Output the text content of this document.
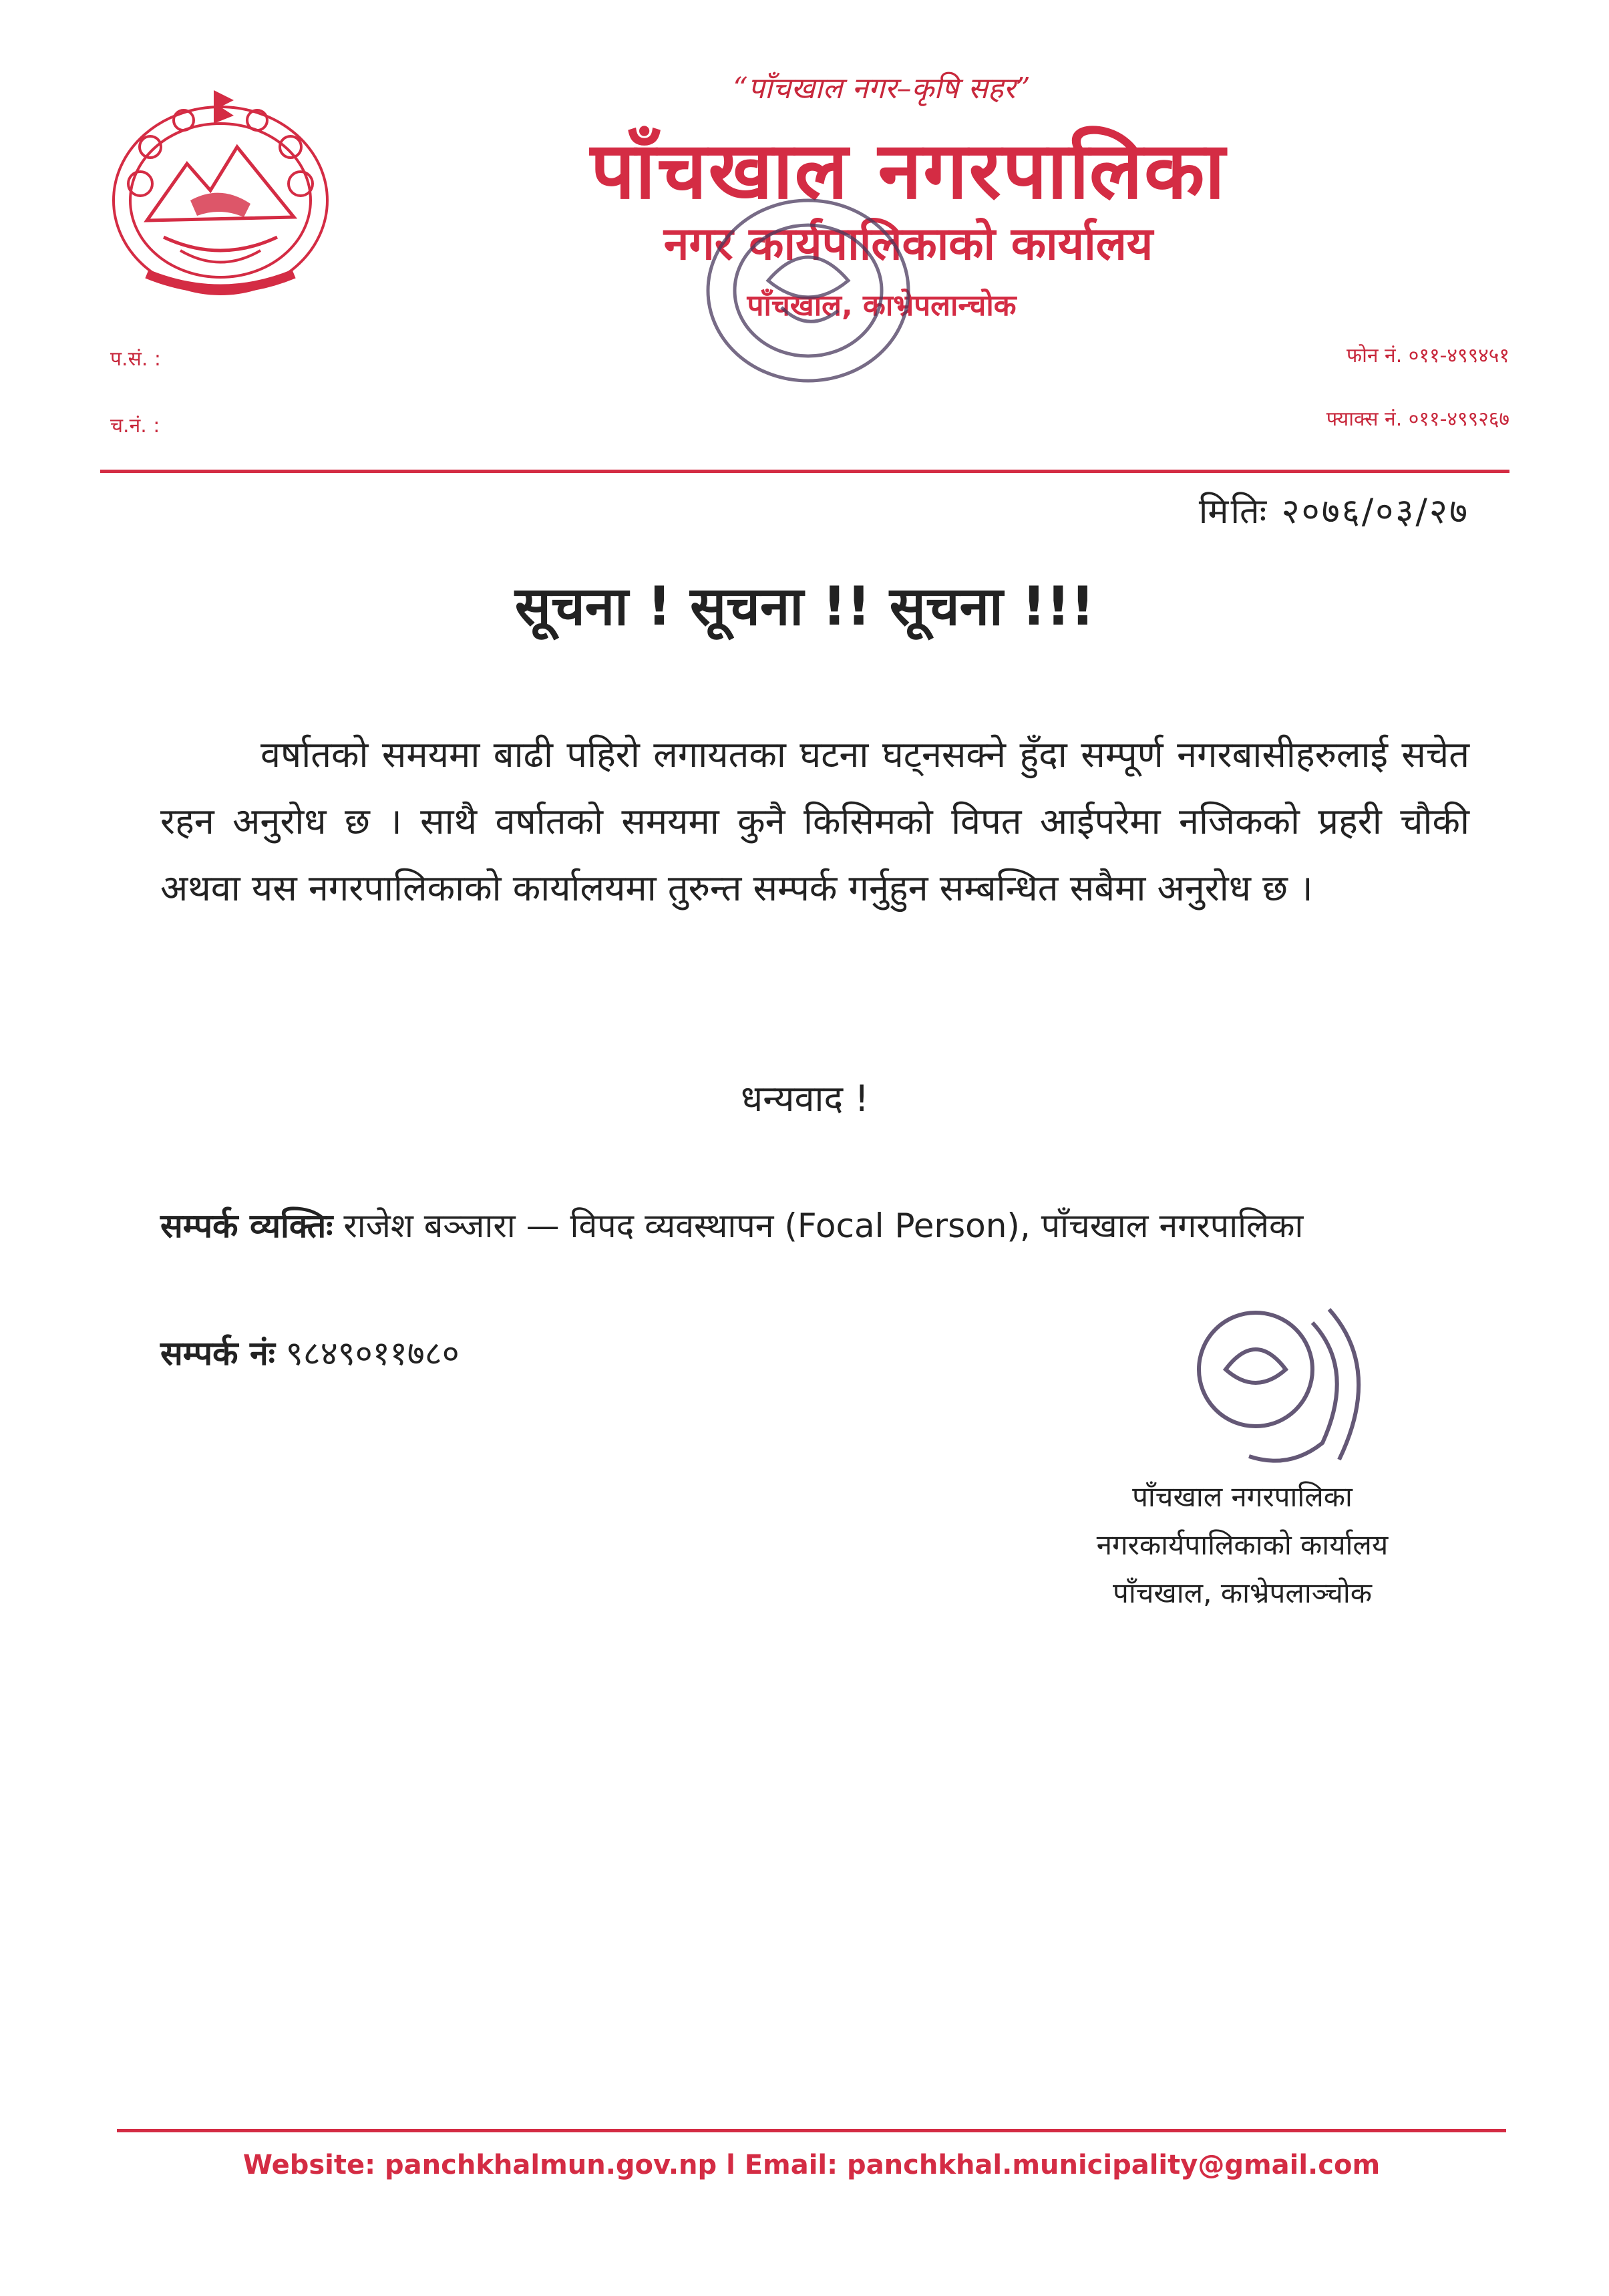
“पाँचखाल नगर–कृषि सहर”
पाँचखाल नगरपालिका
नगर कार्यपालिकाको कार्यालय
पाँचखाल, काभ्रेपलान्चोक
प.सं. :
च.नं. :
फोन नं. ०११-४९९४५१
फ्याक्स नं. ०११-४९९२६७
मितिः २०७६/०३/२७
सूचना ! सूचना !! सूचना !!!
वर्षातको समयमा बाढी पहिरो लगायतका घटना घट्नसक्ने हुँदा सम्पूर्ण नगरबासीहरुलाई सचेत रहन अनुरोध छ । साथै वर्षातको समयमा कुनै किसिमको विपत आईपरेमा नजिकको प्रहरी चौकी अथवा यस नगरपालिकाको कार्यालयमा तुरुन्त सम्पर्क गर्नुहुन सम्बन्धित सबैमा अनुरोध छ ।
धन्यवाद !
सम्पर्क व्यक्तिः राजेश बञ्जारा — विपद व्यवस्थापन (Focal Person), पाँचखाल नगरपालिका
सम्पर्क नंः ९८४९०११७८०
पाँचखाल नगरपालिका
नगरकार्यपालिकाको कार्यालय
पाँचखाल, काभ्रेपलाञ्चोक
Website: panchkhalmun.gov.np l Email: panchkhal.municipality@gmail.com
